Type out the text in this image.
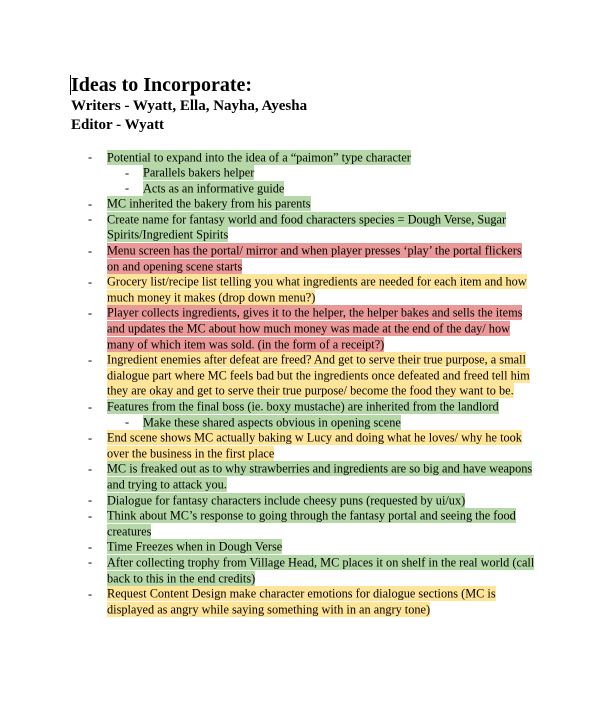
Ideas to Incorporate:

Writers - Wyatt, Ella, Nayha, Ayesha

Editor - Wyatt

- Potential to expand into the idea of a “paimon” type character
- Parallels bakers helper
- Acts as an informative guide
- MC inherited the bakery from his parents
- Create name for fantasy world and food characters species = Dough Verse, Sugar Spirits/Ingredient Spirits
- Menu screen has the portal/ mirror and when player presses ‘play’ the portal flickers on and opening scene starts
- Grocery list/recipe list telling you what ingredients are needed for each item and how much money it makes (drop down menu?)
- Player collects ingredients, gives it to the helper, the helper bakes and sells the items and updates the MC about how much money was made at the end of the day/ how many of which item was sold. (in the form of a receipt?)
- Ingredient enemies after defeat are freed? And get to serve their true purpose, a small dialogue part where MC feels bad but the ingredients once defeated and freed tell him they are okay and get to serve their true purpose/ become the food they want to be.
- Features from the final boss (ie. boxy mustache) are inherited from the landlord
- Make these shared aspects obvious in opening scene
- End scene shows MC actually baking w Lucy and doing what he loves/ why he took over the business in the first place
- MC is freaked out as to why strawberries and ingredients are so big and have weapons and trying to attack you.
- Dialogue for fantasy characters include cheesy puns (requested by ui/ux)
- Think about MC’s response to going through the fantasy portal and seeing the food creatures
- Time Freezes when in Dough Verse
- After collecting trophy from Village Head, MC places it on shelf in the real world (call back to this in the end credits)
- Request Content Design make character emotions for dialogue sections (MC is displayed as angry while saying something with in an angry tone)
